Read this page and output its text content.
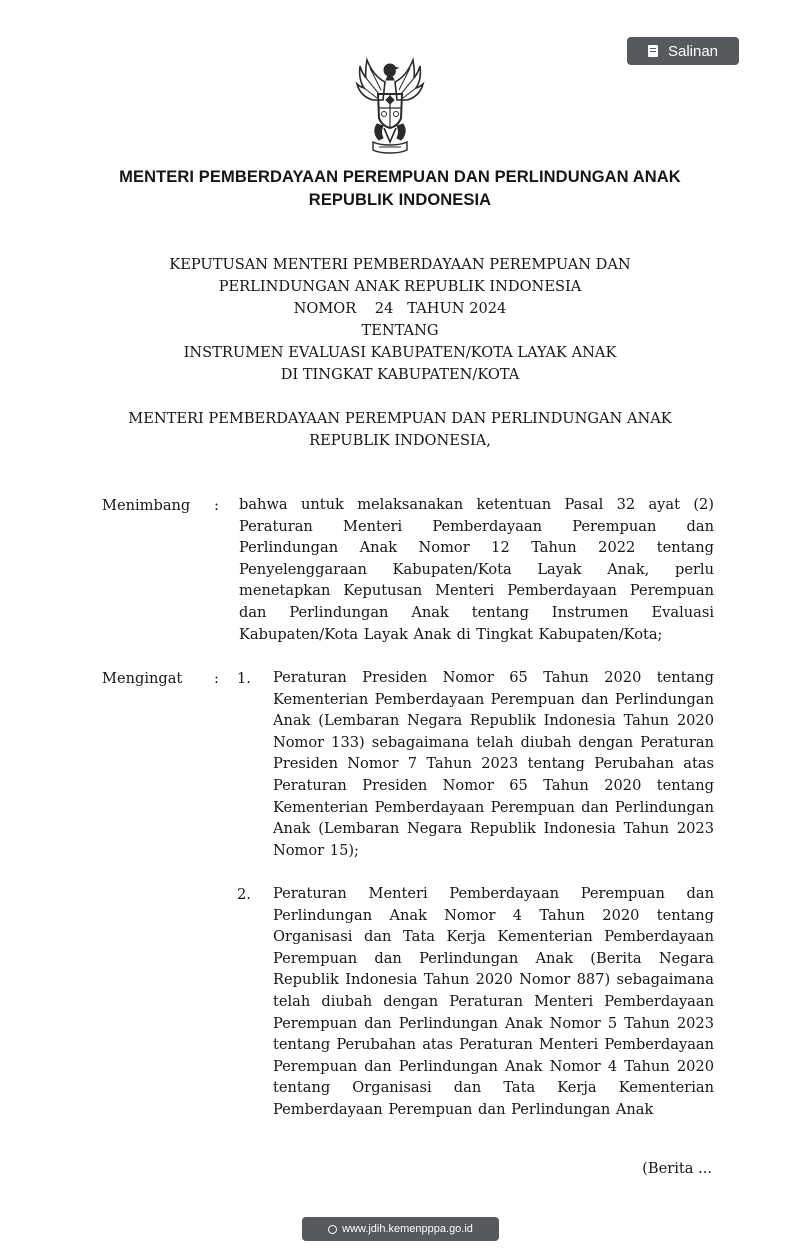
Salinan
MENTERI PEMBERDAYAAN PEREMPUAN DAN PERLINDUNGAN ANAK
REPUBLIK INDONESIA
KEPUTUSAN MENTERI PEMBERDAYAAN PEREMPUAN DAN
PERLINDUNGAN ANAK REPUBLIK INDONESIA
NOMOR    24   TAHUN 2024
TENTANG
INSTRUMEN EVALUASI KABUPATEN/KOTA LAYAK ANAK
DI TINGKAT KABUPATEN/KOTA
MENTERI PEMBERDAYAAN PEREMPUAN DAN PERLINDUNGAN ANAK
REPUBLIK INDONESIA,
Menimbang : bahwa untuk melaksanakan ketentuan Pasal 32 ayat (2) Peraturan Menteri Pemberdayaan Perempuan dan Perlindungan Anak Nomor 12 Tahun 2022 tentang Penyelenggaraan Kabupaten/Kota Layak Anak, perlu menetapkan Keputusan Menteri Pemberdayaan Perempuan dan Perlindungan Anak tentang Instrumen Evaluasi Kabupaten/Kota Layak Anak di Tingkat Kabupaten/Kota;
Mengingat : 1. Peraturan Presiden Nomor 65 Tahun 2020 tentang Kementerian Pemberdayaan Perempuan dan Perlindungan Anak (Lembaran Negara Republik Indonesia Tahun 2020 Nomor 133) sebagaimana telah diubah dengan Peraturan Presiden Nomor 7 Tahun 2023 tentang Perubahan atas Peraturan Presiden Nomor 65 Tahun 2020 tentang Kementerian Pemberdayaan Perempuan dan Perlindungan Anak (Lembaran Negara Republik Indonesia Tahun 2023 Nomor 15);
2. Peraturan Menteri Pemberdayaan Perempuan dan Perlindungan Anak Nomor 4 Tahun 2020 tentang Organisasi dan Tata Kerja Kementerian Pemberdayaan Perempuan dan Perlindungan Anak (Berita Negara Republik Indonesia Tahun 2020 Nomor 887) sebagaimana telah diubah dengan Peraturan Menteri Pemberdayaan Perempuan dan Perlindungan Anak Nomor 5 Tahun 2023 tentang Perubahan atas Peraturan Menteri Pemberdayaan Perempuan dan Perlindungan Anak Nomor 4 Tahun 2020 tentang Organisasi dan Tata Kerja Kementerian Pemberdayaan Perempuan dan Perlindungan Anak
(Berita ...
www.jdih.kemenpppa.go.id
